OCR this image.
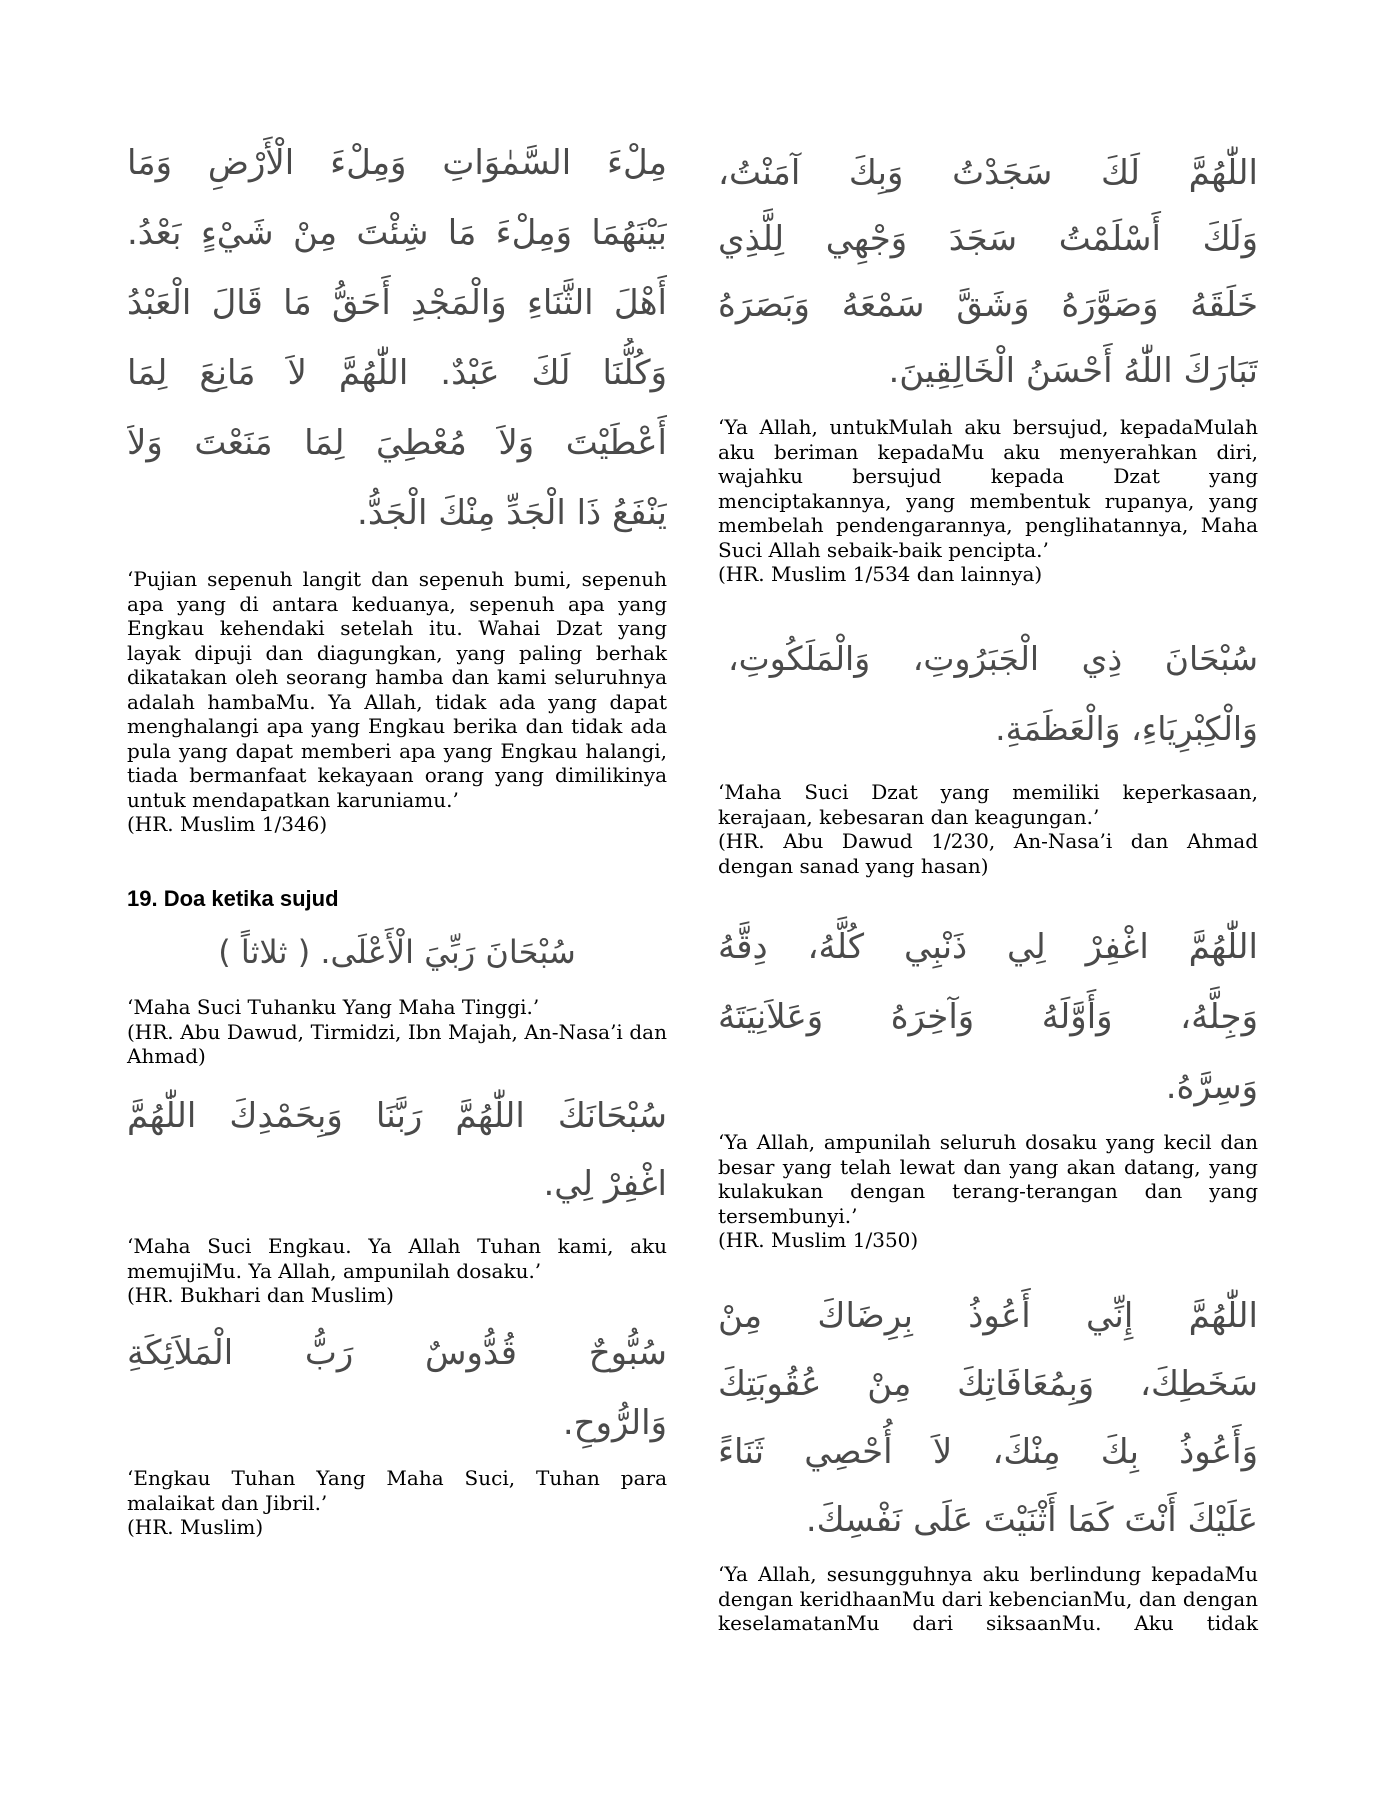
مِلْءَ السَّمٰوَاتِ وَمِلْءَ الْأَرْضِ وَمَا
بَيْنَهُمَا وَمِلْءَ مَا شِئْتَ مِنْ شَيْءٍ بَعْدُ.
أَهْلَ الثَّنَاءِ وَالْمَجْدِ أَحَقُّ مَا قَالَ الْعَبْدُ
وَكُلُّنَا لَكَ عَبْدٌ. اللّٰهُمَّ لاَ مَانِعَ لِمَا
أَعْطَيْتَ وَلاَ مُعْطِيَ لِمَا مَنَعْتَ وَلاَ
يَنْفَعُ ذَا الْجَدِّ مِنْكَ الْجَدُّ.

‘Pujian sepenuh langit dan sepenuh bumi, sepenuh apa yang di antara keduanya, sepenuh apa yang Engkau kehendaki setelah itu. Wahai Dzat yang layak dipuji dan diagungkan, yang paling berhak dikatakan oleh seorang hamba dan kami seluruhnya adalah hambaMu. Ya Allah, tidak ada yang dapat menghalangi apa yang Engkau berika dan tidak ada pula yang dapat memberi apa yang Engkau halangi, tiada bermanfaat kekayaan orang yang dimilikinya untuk mendapatkan karuniamu.’

(HR. Muslim 1/346)

19. Doa ketika sujud
سُبْحَانَ رَبِّيَ الْأَعْلَى. ( ثلاثاً )

‘Maha Suci Tuhanku Yang Maha Tinggi.’

(HR. Abu Dawud, Tirmidzi, Ibn Majah, An-Nasa’i dan Ahmad)

سُبْحَانَكَ اللّٰهُمَّ رَبَّنَا وَبِحَمْدِكَ اللّٰهُمَّ
اغْفِرْ لِي.

‘Maha Suci Engkau. Ya Allah Tuhan kami, aku memujiMu. Ya Allah, ampunilah dosaku.’

(HR. Bukhari dan Muslim)

سُبُّوحٌ قُدُّوسٌ رَبُّ الْمَلاَئِكَةِ
وَالرُّوحِ.

‘Engkau Tuhan Yang Maha Suci, Tuhan para malaikat dan Jibril.’

(HR. Muslim)

اللّٰهُمَّ لَكَ سَجَدْتُ وَبِكَ آمَنْتُ،
وَلَكَ أَسْلَمْتُ سَجَدَ وَجْهِي لِلَّذِي
خَلَقَهُ وَصَوَّرَهُ وَشَقَّ سَمْعَهُ وَبَصَرَهُ
تَبَارَكَ اللّٰهُ أَحْسَنُ الْخَالِقِينَ.

‘Ya Allah, untukMulah aku bersujud, kepadaMulah aku beriman kepadaMu aku menyerahkan diri, wajahku bersujud kepada Dzat yang menciptakannya, yang membentuk rupanya, yang membelah pendengarannya, penglihatannya, Maha Suci Allah sebaik-baik pencipta.’

(HR. Muslim 1/534 dan lainnya)

سُبْحَانَ ذِي الْجَبَرُوتِ، وَالْمَلَكُوتِ،
وَالْكِبْرِيَاءِ، وَالْعَظَمَةِ.

‘Maha Suci Dzat yang memiliki keperkasaan, kerajaan, kebesaran dan keagungan.’

(HR. Abu Dawud 1/230, An-Nasa’i dan Ahmad dengan sanad yang hasan)

اللّٰهُمَّ اغْفِرْ لِي ذَنْبِي كُلَّهُ، دِقَّهُ
وَجِلَّهُ، وَأَوَّلَهُ وَآخِرَهُ وَعَلاَنِيَتَهُ
وَسِرَّهُ.

‘Ya Allah, ampunilah seluruh dosaku yang kecil dan besar yang telah lewat dan yang akan datang, yang kulakukan dengan terang-terangan dan yang tersembunyi.’

(HR. Muslim 1/350)

اللّٰهُمَّ إِنِّي أَعُوذُ بِرِضَاكَ مِنْ
سَخَطِكَ، وَبِمُعَافَاتِكَ مِنْ عُقُوبَتِكَ
وَأَعُوذُ بِكَ مِنْكَ، لاَ أُحْصِي ثَنَاءً
عَلَيْكَ أَنْتَ كَمَا أَثْنَيْتَ عَلَى نَفْسِكَ.

‘Ya Allah, sesungguhnya aku berlindung kepadaMu dengan keridhaanMu dari kebencianMu, dan dengan keselamatanMu dari siksaanMu. Aku tidak
